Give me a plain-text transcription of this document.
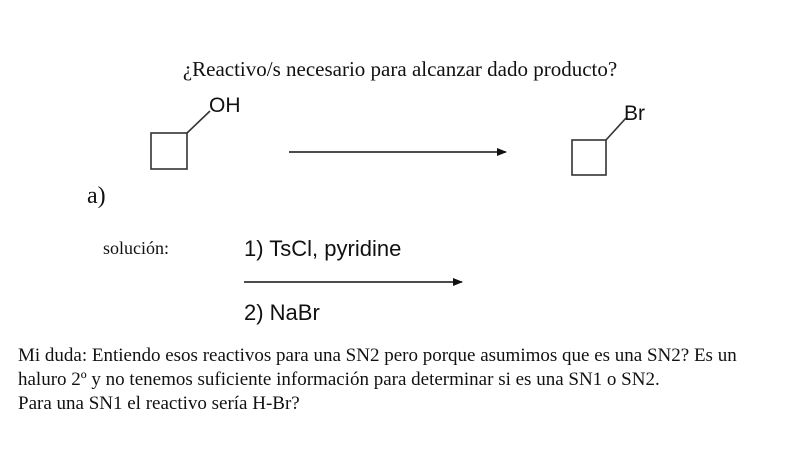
¿Reactivo/s necesario para alcanzar dado producto?
OH	Br
a)
solución:	1) TsCl, pyridine
2) NaBr

Mi duda: Entiendo esos reactivos para una SN2 pero porque asumimos que es una SN2? Es un haluro 2º y no tenemos suficiente información para determinar si es una SN1 o SN2.

Para una SN1 el reactivo sería H-Br?
